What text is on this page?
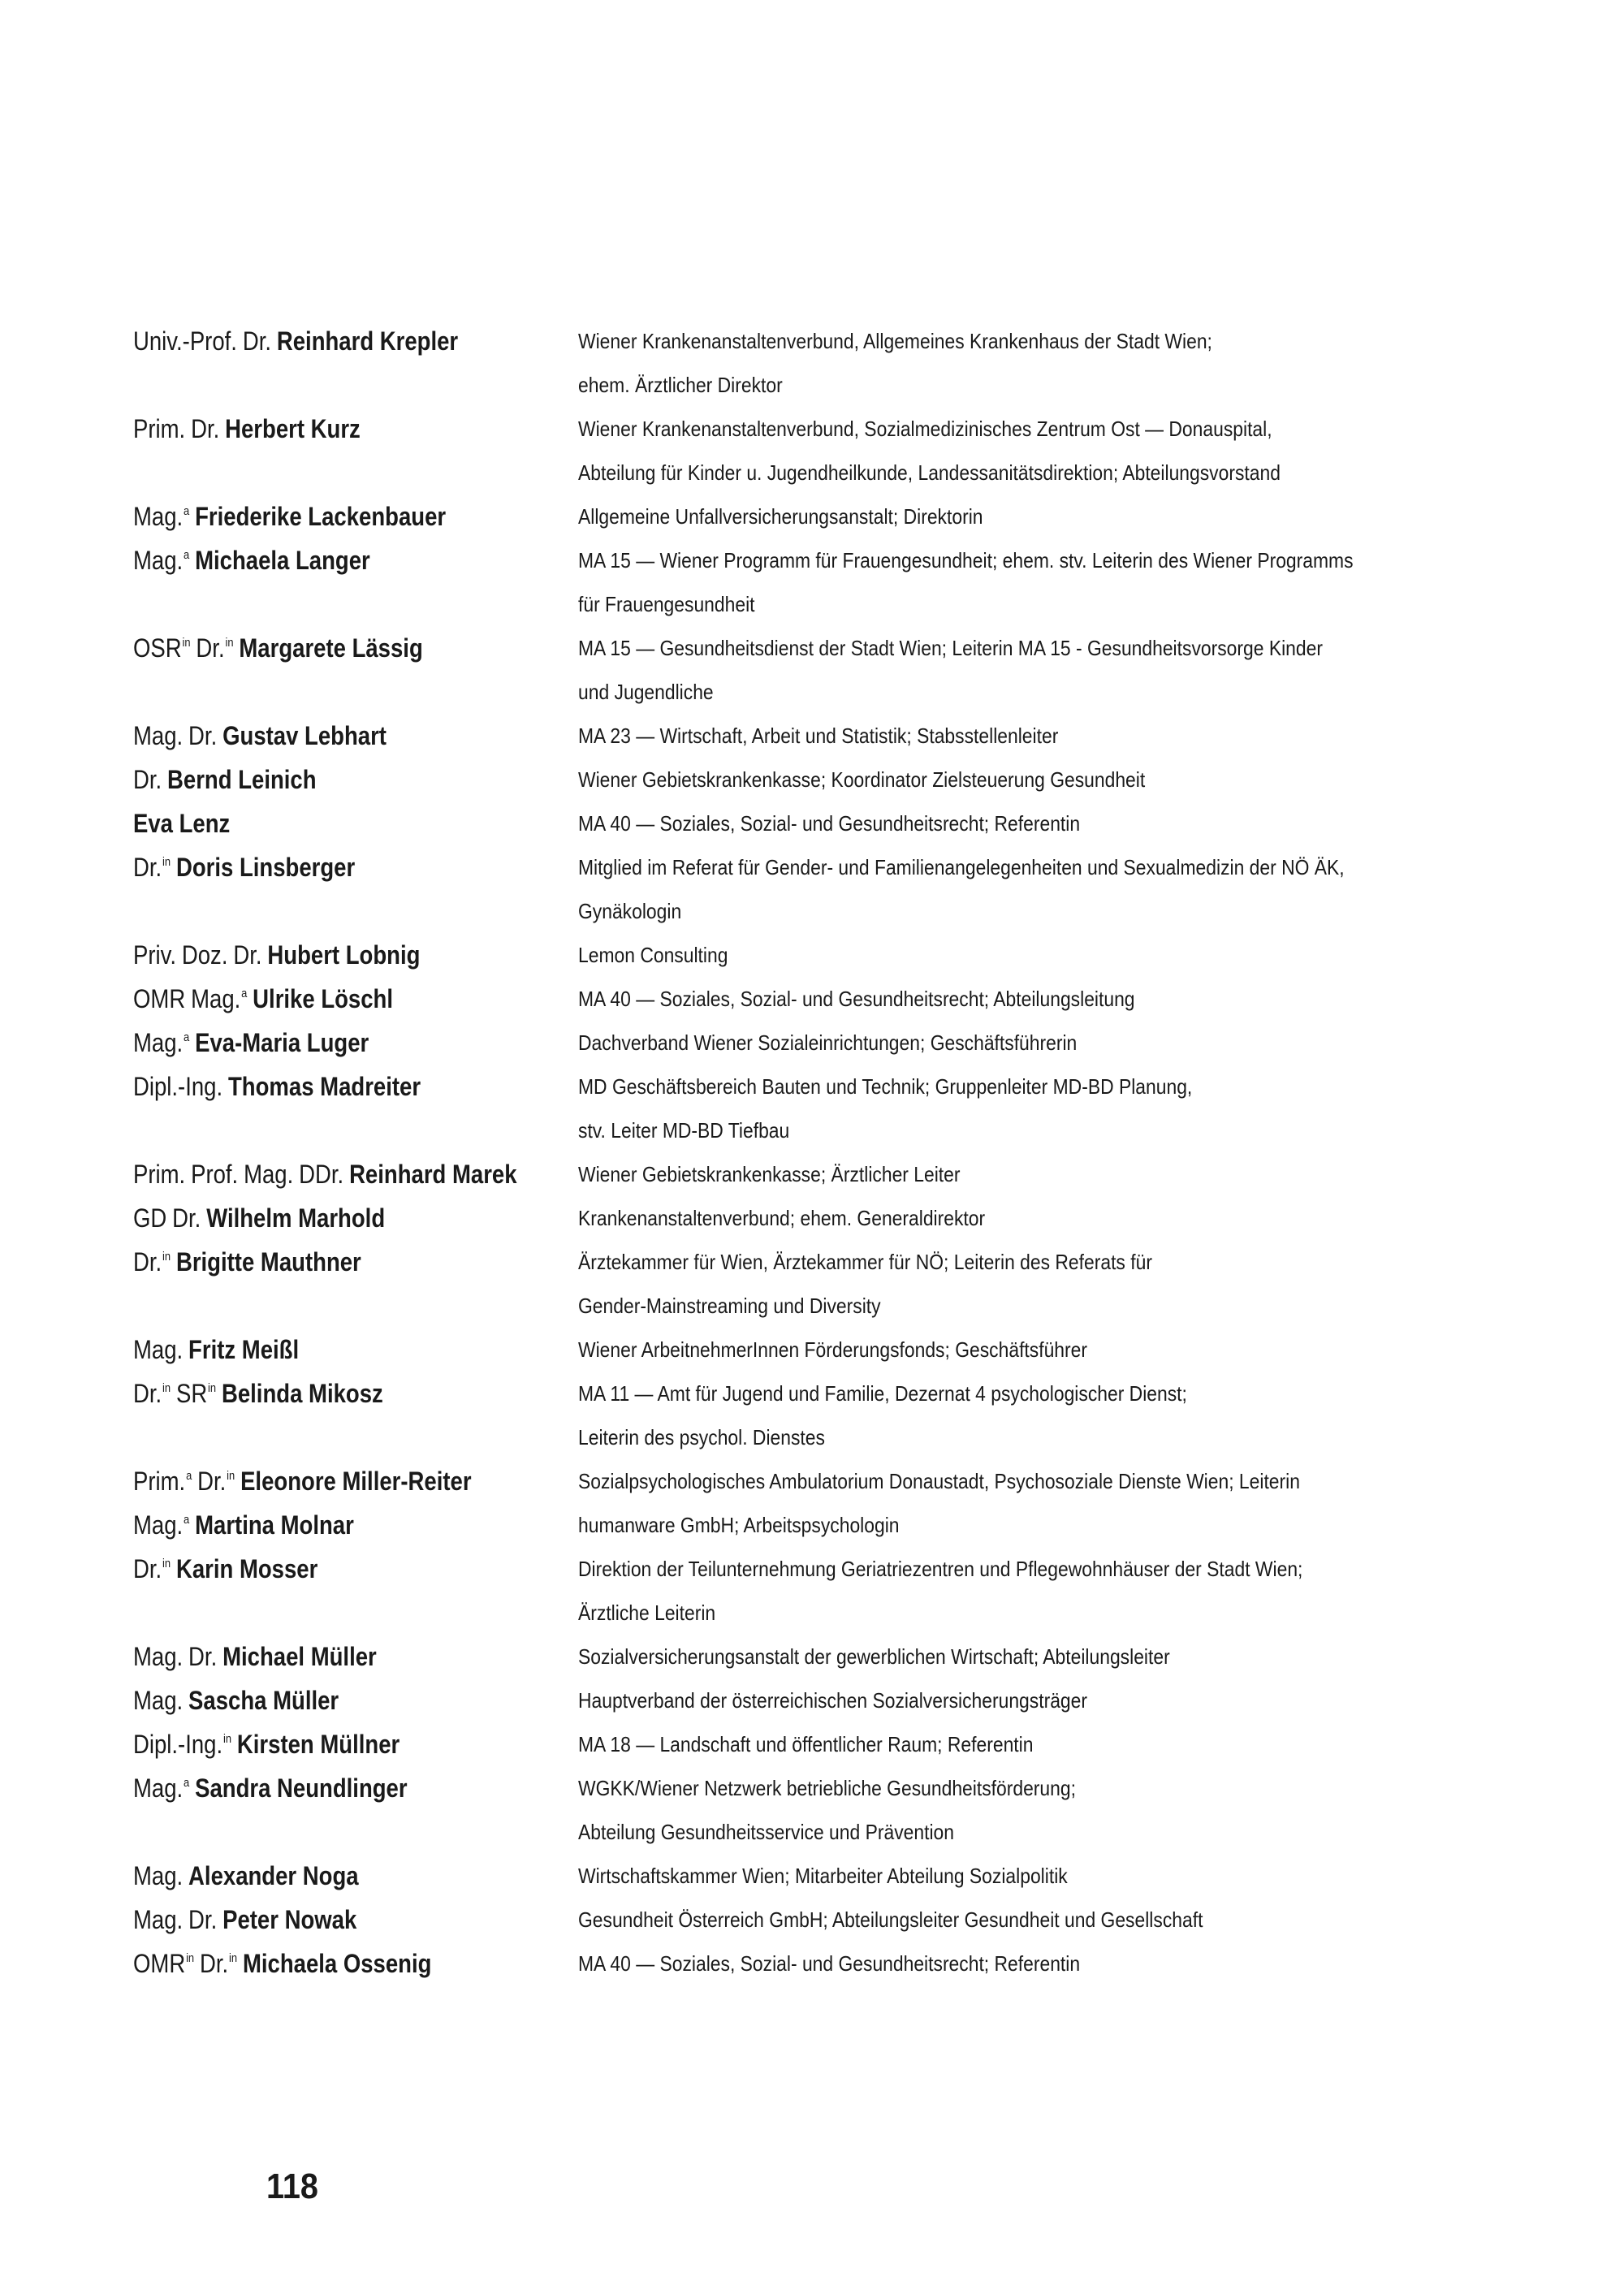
Univ.-Prof. Dr. Reinhard Krepler	Wiener Krankenanstaltenverbund, Allgemeines Krankenhaus der Stadt Wien;
ehem. Ärztlicher Direktor
Prim. Dr. Herbert Kurz	Wiener Krankenanstaltenverbund, Sozialmedizinisches Zentrum Ost — Donauspital,
Abteilung für Kinder u. Jugendheilkunde, Landessanitätsdirektion; Abteilungsvorstand
Mag.$^a$ Friederike Lackenbauer	Allgemeine Unfallversicherungsanstalt; Direktorin
Mag.$^a$ Michaela Langer	MA 15 — Wiener Programm für Frauengesundheit; ehem. stv. Leiterin des Wiener Programms
für Frauengesundheit
$OSR^{in}$ Dr.$^{in}$ Margarete Lässig	MA 15 — Gesundheitsdienst der Stadt Wien; Leiterin MA 15 - Gesundheitsvorsorge Kinder
und Jugendliche
Mag. Dr. Gustav Lebhart	MA 23 — Wirtschaft, Arbeit und Statistik; Stabsstellenleiter
Dr. Bernd Leinich	Wiener Gebietskrankenkasse; Koordinator Zielsteuerung Gesundheit
Eva Lenz	MA 40 — Soziales, Sozial- und Gesundheitsrecht; Referentin
Dr.$^{in}$ Doris Linsberger	Mitglied im Referat für Gender- und Familienangelegenheiten und Sexualmedizin der NÖ ÄK,
Gynäkologin
Priv. Doz. Dr. Hubert Lobnig	Lemon Consulting
OMR Mag.$^a$ Ulrike Löschl	MA 40 — Soziales, Sozial- und Gesundheitsrecht; Abteilungsleitung
Mag.$^a$ Eva-Maria Luger	Dachverband Wiener Sozialeinrichtungen; Geschäftsführerin
Dipl.-Ing. Thomas Madreiter	MD Geschäftsbereich Bauten und Technik; Gruppenleiter MD-BD Planung,
stv. Leiter MD-BD Tiefbau
Prim. Prof. Mag. DDr. Reinhard Marek	Wiener Gebietskrankenkasse; Ärztlicher Leiter
GD Dr. Wilhelm Marhold	Krankenanstaltenverbund; ehem. Generaldirektor
Dr.$^{in}$ Brigitte Mauthner	Ärztekammer für Wien, Ärztekammer für NÖ; Leiterin des Referats für
Gender-Mainstreaming und Diversity
Mag. Fritz Meißl	Wiener ArbeitnehmerInnen Förderungsfonds; Geschäftsführer
Dr.$^{in}$ $SR^{in}$ Belinda Mikosz	MA 11 — Amt für Jugend und Familie, Dezernat 4 psychologischer Dienst;
Leiterin des psychol. Dienstes
Prim.$^a$ Dr.$^{in}$ Eleonore Miller-Reiter	Sozialpsychologisches Ambulatorium Donaustadt, Psychosoziale Dienste Wien; Leiterin
Mag.$^a$ Martina Molnar	humanware GmbH; Arbeitspsychologin
Dr.$^{in}$ Karin Mosser	Direktion der Teilunternehmung Geriatriezentren und Pflegewohnhäuser der Stadt Wien;
Ärztliche Leiterin
Mag. Dr. Michael Müller	Sozialversicherungsanstalt der gewerblichen Wirtschaft; Abteilungsleiter
Mag. Sascha Müller	Hauptverband der österreichischen Sozialversicherungsträger
Dipl.-Ing.$^{in}$ Kirsten Müllner	MA 18 — Landschaft und öffentlicher Raum; Referentin
Mag.$^a$ Sandra Neundlinger	WGKK/Wiener Netzwerk betriebliche Gesundheitsförderung;
Abteilung Gesundheitsservice und Prävention
Mag. Alexander Noga	Wirtschaftskammer Wien; Mitarbeiter Abteilung Sozialpolitik
Mag. Dr. Peter Nowak	Gesundheit Österreich GmbH; Abteilungsleiter Gesundheit und Gesellschaft
$OMR^{in}$ Dr.$^{in}$ Michaela Ossenig	MA 40 — Soziales, Sozial- und Gesundheitsrecht; Referentin
118
